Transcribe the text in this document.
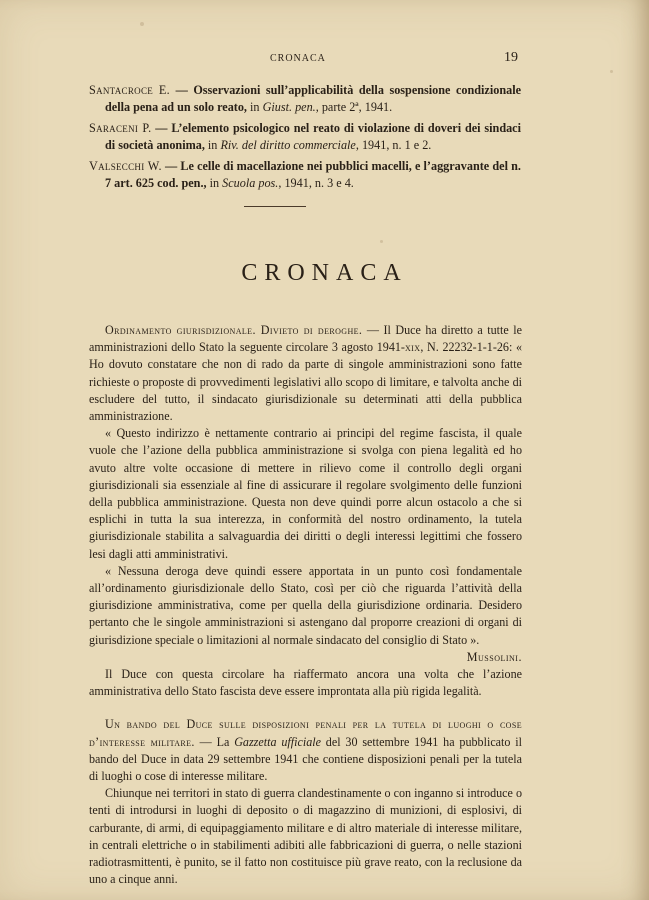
CRONACA	19

Santacroce E. — Osservazioni sull’applicabilità della sospensione condizionale della pena ad un solo reato, in Giust. pen., parte 2ª, 1941.

Saraceni P. — L’elemento psicologico nel reato di violazione di doveri dei sindaci di società anonima, in Riv. del diritto commerciale, 1941, n. 1 e 2.

Valsecchi W. — Le celle di macellazione nei pubblici macelli, e l’aggravante del n. 7 art. 625 cod. pen., in Scuola pos., 1941, n. 3 e 4.

CRONACA

Ordinamento giurisdizionale. Divieto di deroghe. — Il Duce ha diretto a tutte le amministrazioni dello Stato la seguente circolare 3 agosto 1941-xix, N. 22232-1-1-26: « Ho dovuto constatare che non di rado da parte di singole amministrazioni sono fatte richieste o proposte di provvedimenti legislativi allo scopo di limitare, e talvolta anche di escludere del tutto, il sindacato giurisdizionale su determinati atti della pubblica amministrazione.

« Questo indirizzo è nettamente contrario ai principi del regime fascista, il quale vuole che l’azione della pubblica amministrazione si svolga con piena legalità ed ho avuto altre volte occasione di mettere in rilievo come il controllo degli organi giurisdizionali sia essenziale al fine di assicurare il regolare svolgimento delle funzioni della pubblica amministrazione. Questa non deve quindi porre alcun ostacolo a che si esplichi in tutta la sua interezza, in conformità del nostro ordinamento, la tutela giurisdizionale stabilita a salvaguardia dei diritti o degli interessi legittimi che fossero lesi dagli atti amministrativi.

« Nessuna deroga deve quindi essere apportata in un punto così fondamentale all’ordinamento giurisdizionale dello Stato, così per ciò che riguarda l’attività della giurisdizione amministrativa, come per quella della giurisdizione ordinaria. Desidero pertanto che le singole amministrazioni si astengano dal proporre creazioni di organi di giurisdizione speciale o limitazioni al normale sindacato del consiglio di Stato ».

Mussolini.

Il Duce con questa circolare ha riaffermato ancora una volta che l’azione amministrativa dello Stato fascista deve essere improntata alla più rigida legalità.

Un bando del Duce sulle disposizioni penali per la tutela di luoghi o cose d’interesse militare. — La Gazzetta ufficiale del 30 settembre 1941 ha pubblicato il bando del Duce in data 29 settembre 1941 che contiene disposizioni penali per la tutela di luoghi o cose di interesse militare.

Chiunque nei territori in stato di guerra clandestinamente o con inganno si introduce o tenti di introdursi in luoghi di deposito o di magazzino di munizioni, di esplosivi, di carburante, di armi, di equipaggiamento militare e di altro materiale di interesse militare, in centrali elettriche o in stabilimenti adibiti alle fabbricazioni di guerra, o nelle stazioni radiotrasmittenti, è punito, se il fatto non costituisce più grave reato, con la reclusione da uno a cinque anni.
